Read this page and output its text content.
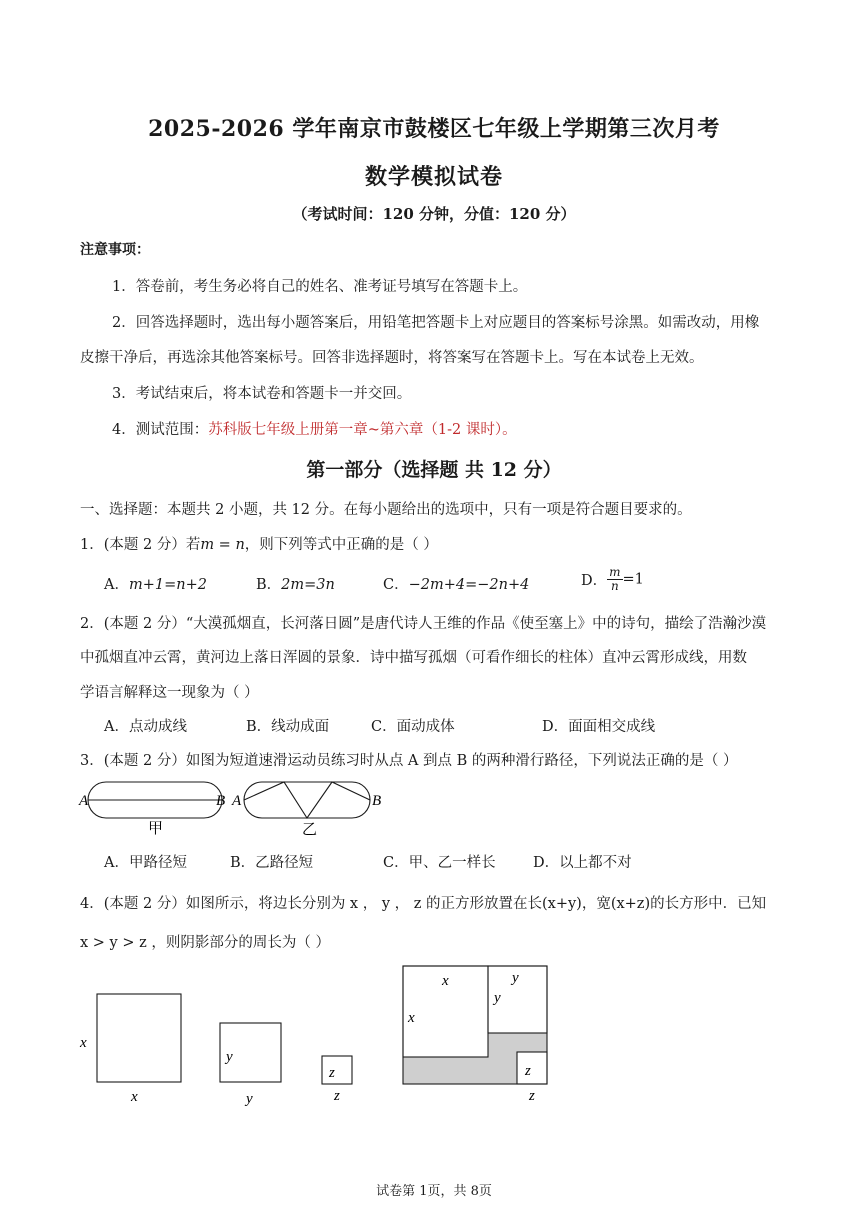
2025-2026 学年南京市鼓楼区七年级上学期第三次月考
数学模拟试卷
（考试时间：120 分钟，分值：120 分）
注意事项：
1．答卷前，考生务必将自己的姓名、准考证号填写在答题卡上。
2．回答选择题时，选出每小题答案后，用铅笔把答题卡上对应题目的答案标号涂黑。如需改动，用橡
皮擦干净后，再选涂其他答案标号。回答非选择题时，将答案写在答题卡上。写在本试卷上无效。
3．考试结束后，将本试卷和答题卡一并交回。
4．测试范围：苏科版七年级上册第一章~第六章（1-2 课时）。
第一部分（选择题 共 12 分）
一、选择题：本题共 2 小题，共 12 分。在每小题给出的选项中，只有一项是符合题目要求的。
1．(本题 2 分）若m = n，则下列等式中正确的是（ ）
A．m+1=n+2	B．2m=3n	C．−2m+4=−2n+4	D． $\frac{m}{n} =1$
2．(本题 2 分）“大漠孤烟直，长河落日圆”是唐代诗人王维的作品《使至塞上》中的诗句，描绘了浩瀚沙漠
中孤烟直冲云霄，黄河边上落日浑圆的景象．诗中描写孤烟（可看作细长的柱体）直冲云霄形成线，用数
学语言解释这一现象为（ ）
A．点动成线	B．线动成面	C．面动成体	D．面面相交成线
3．(本题 2 分）如图为短道速滑运动员练习时从点 A 到点 B 的两种滑行路径，下列说法正确的是（ ）
A	B
甲
A	B
乙
A．甲路径短	B．乙路径短	C．甲、乙一样长	D．以上都不对
4．(本题 2 分）如图所示，将边长分别为 x ， y ， z 的正方形放置在长(x+y)，宽(x+z)的长方形中．已知
x > y > z ，则阴影部分的周长为（ ）
x
x
y
y
z
z
x
x
y
y
z
z
试卷第 1页，共 8页
